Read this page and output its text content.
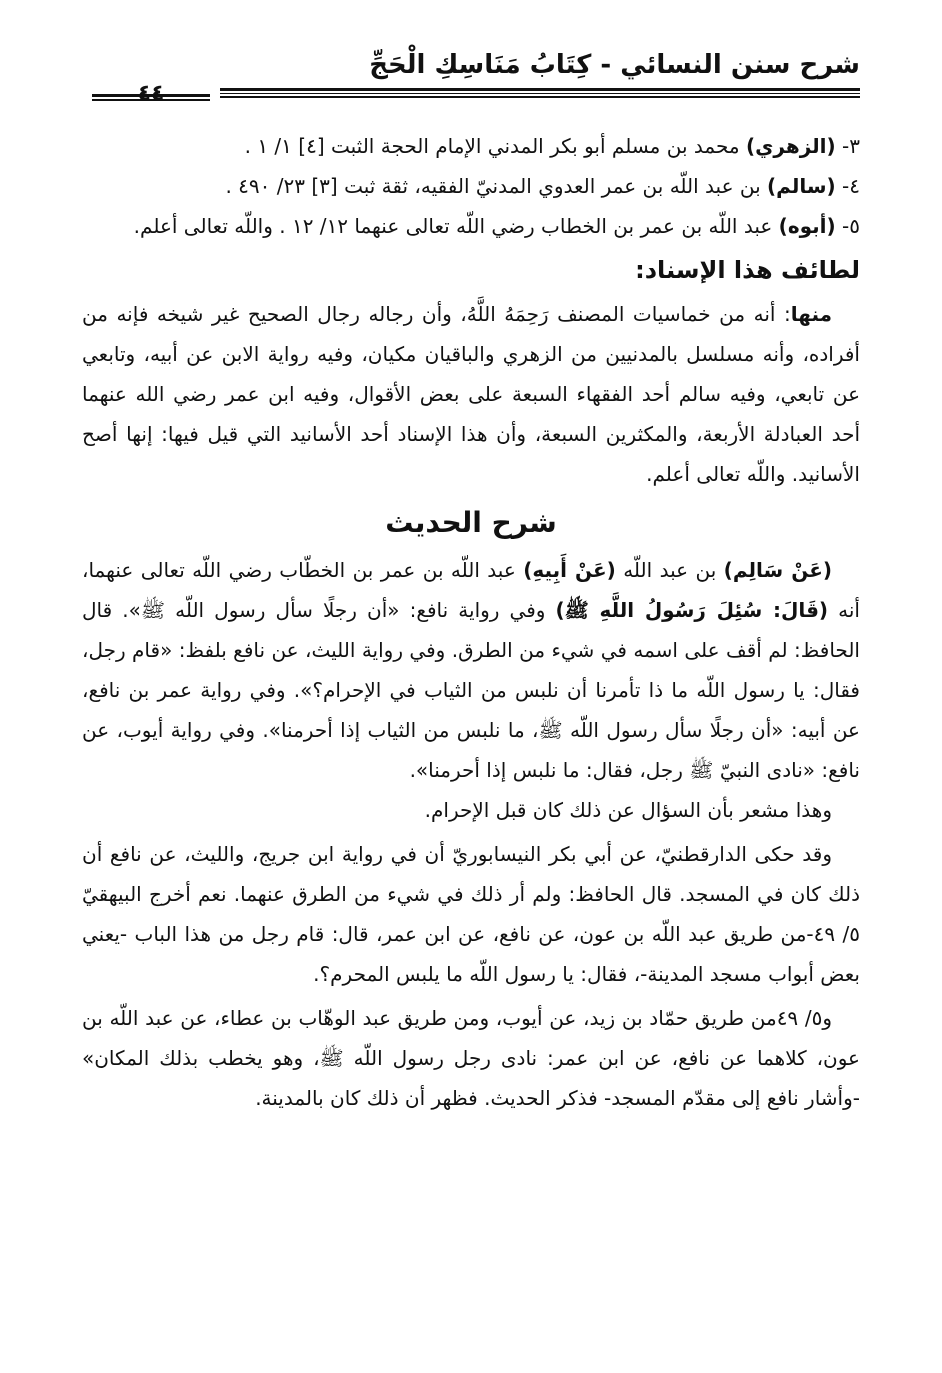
شرح سنن النسائي - كِتَابُ مَنَاسِكِ الْحَجِّ

٣- (الزهري) محمد بن مسلم أبو بكر المدني الإمام الحجة الثبت [٤] ١/ ١ .

٤- (سالم) بن عبد اللّه بن عمر العدوي المدنيّ الفقيه، ثقة ثبت [٣] ٢٣/ ٤٩٠ .

٥- (أبوه) عبد اللّه بن عمر بن الخطاب رضي اللّه تعالى عنهما ١٢/ ١٢ . واللّه تعالى أعلم.

لطائف هذا الإسناد:

منها: أنه من خماسيات المصنف رَحِمَهُ اللَّهُ، وأن رجاله رجال الصحيح غير شيخه فإنه من أفراده، وأنه مسلسل بالمدنيين من الزهري والباقيان مكيان، وفيه رواية الابن عن أبيه، وتابعي عن تابعي، وفيه سالم أحد الفقهاء السبعة على بعض الأقوال، وفيه ابن عمر رضي الله عنهما أحد العبادلة الأربعة، والمكثرين السبعة، وأن هذا الإسناد أحد الأسانيد التي قيل فيها: إنها أصح الأسانيد. واللّه تعالى أعلم.

شرح الحديث

(عَنْ سَالِم) بن عبد اللّه (عَنْ أَبِيهِ) عبد اللّه بن عمر بن الخطّاب رضي اللّه تعالى عنهما، أنه (قَالَ: سُئِلَ رَسُولُ اللَّهِ ﷺ) وفي رواية نافع: «أن رجلًا سأل رسول اللّه ﷺ». قال الحافظ: لم أقف على اسمه في شيء من الطرق. وفي رواية الليث، عن نافع بلفظ: «قام رجل، فقال: يا رسول اللّه ما ذا تأمرنا أن نلبس من الثياب في الإحرام؟». وفي رواية عمر بن نافع، عن أبيه: «أن رجلًا سأل رسول اللّه ﷺ، ما نلبس من الثياب إذا أحرمنا». وفي رواية أيوب، عن نافع: «نادى النبيّ ﷺ رجل، فقال: ما نلبس إذا أحرمنا».

وهذا مشعر بأن السؤال عن ذلك كان قبل الإحرام.

وقد حكى الدارقطنيّ، عن أبي بكر النيسابوريّ أن في رواية ابن جريج، والليث، عن نافع أن ذلك كان في المسجد. قال الحافظ: ولم أر ذلك في شيء من الطرق عنهما. نعم أخرج البيهقيّ ٥/ ٤٩-من طريق عبد اللّه بن عون، عن نافع، عن ابن عمر، قال: قام رجل من هذا الباب -يعني بعض أبواب مسجد المدينة-، فقال: يا رسول اللّه ما يلبس المحرم؟.

و٥/ ٤٩من طريق حمّاد بن زيد، عن أيوب، ومن طريق عبد الوهّاب بن عطاء، عن عبد اللّه بن عون، كلاهما عن نافع، عن ابن عمر: نادى رجل رسول اللّه ﷺ، وهو يخطب بذلك المكان» -وأشار نافع إلى مقدّم المسجد- فذكر الحديث. فظهر أن ذلك كان بالمدينة.
